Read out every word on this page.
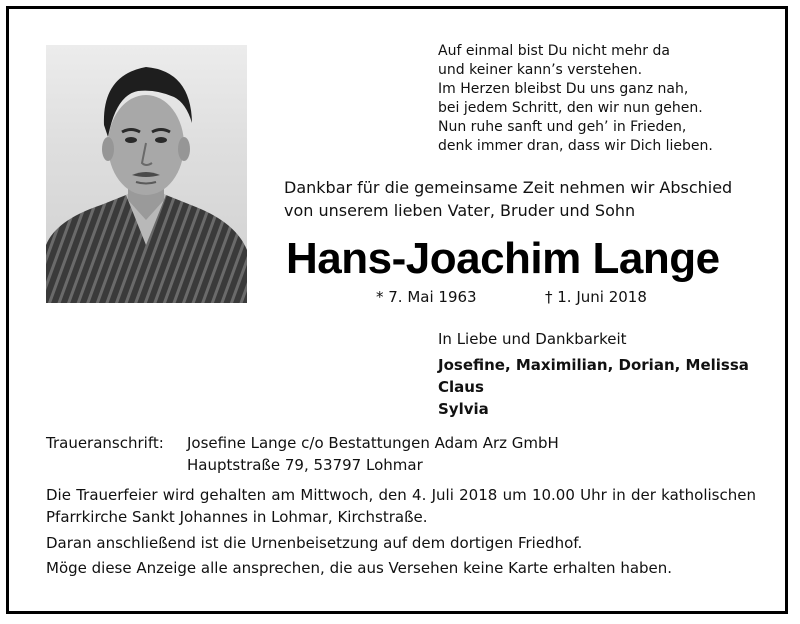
Auf einmal bist Du nicht mehr da
und keiner kann’s verstehen.
Im Herzen bleibst Du uns ganz nah,
bei jedem Schritt, den wir nun gehen.
Nun ruhe sanft und geh’ in Frieden,
denk immer dran, dass wir Dich lieben.
Dankbar für die gemeinsame Zeit nehmen wir Abschied
von unserem lieben Vater, Bruder und Sohn
Hans-Joachim Lange
* 7. Mai 1963	† 1. Juni 2018
In Liebe und Dankbarkeit
Josefine, Maximilian, Dorian, Melissa
Claus
Sylvia
Traueranschrift: Josefine Lange c/o Bestattungen Adam Arz GmbH
Hauptstraße 79, 53797 Lohmar

Die Trauerfeier wird gehalten am Mittwoch, den 4. Juli 2018 um 10.00 Uhr in der katholischen Pfarrkirche Sankt Johannes in Lohmar, Kirchstraße.

Daran anschließend ist die Urnenbeisetzung auf dem dortigen Friedhof.

Möge diese Anzeige alle ansprechen, die aus Versehen keine Karte erhalten haben.
